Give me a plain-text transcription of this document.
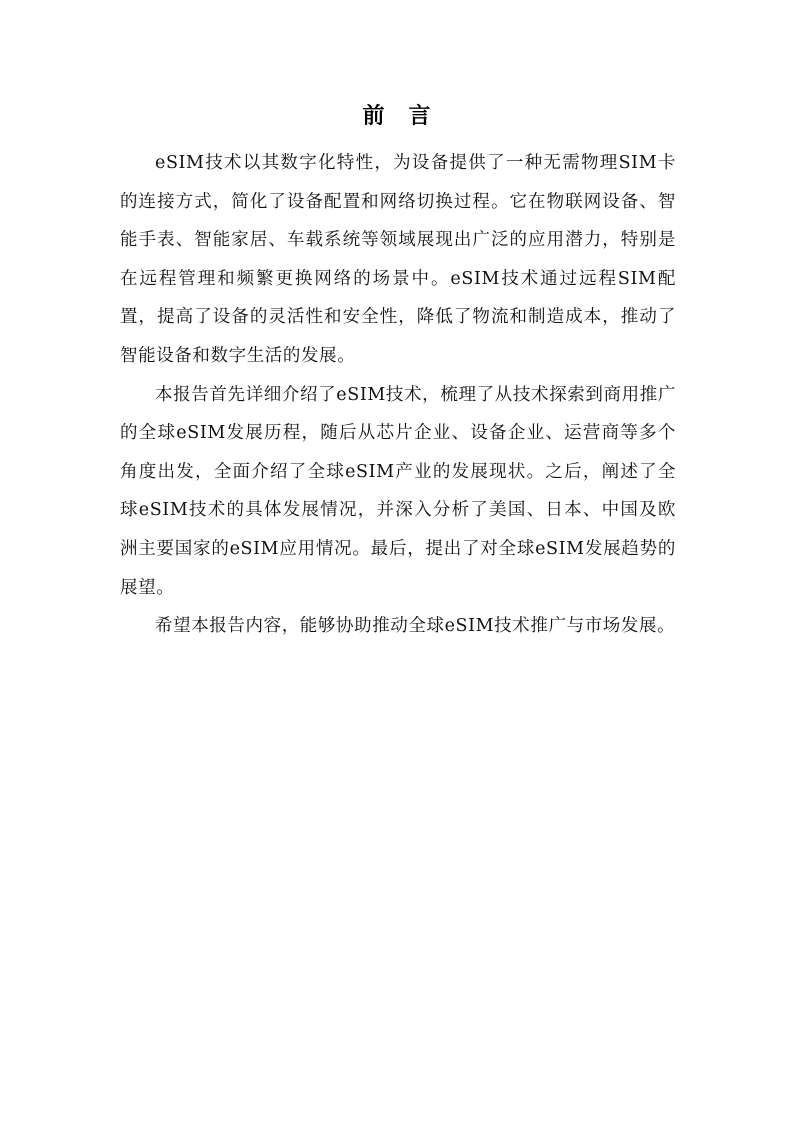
前言

eSIM技术以其数字化特性，为设备提供了一种无需物理SIM卡的连接方式，简化了设备配置和网络切换过程。它在物联网设备、智能手表、智能家居、车载系统等领域展现出广泛的应用潜力，特别是在远程管理和频繁更换网络的场景中。eSIM技术通过远程SIM配置，提高了设备的灵活性和安全性，降低了物流和制造成本，推动了智能设备和数字生活的发展。

本报告首先详细介绍了eSIM技术，梳理了从技术探索到商用推广的全球eSIM发展历程，随后从芯片企业、设备企业、运营商等多个角度出发，全面介绍了全球eSIM产业的发展现状。之后，阐述了全球eSIM技术的具体发展情况，并深入分析了美国、日本、中国及欧洲主要国家的eSIM应用情况。最后，提出了对全球eSIM发展趋势的展望。

希望本报告内容，能够协助推动全球eSIM技术推广与市场发展。
